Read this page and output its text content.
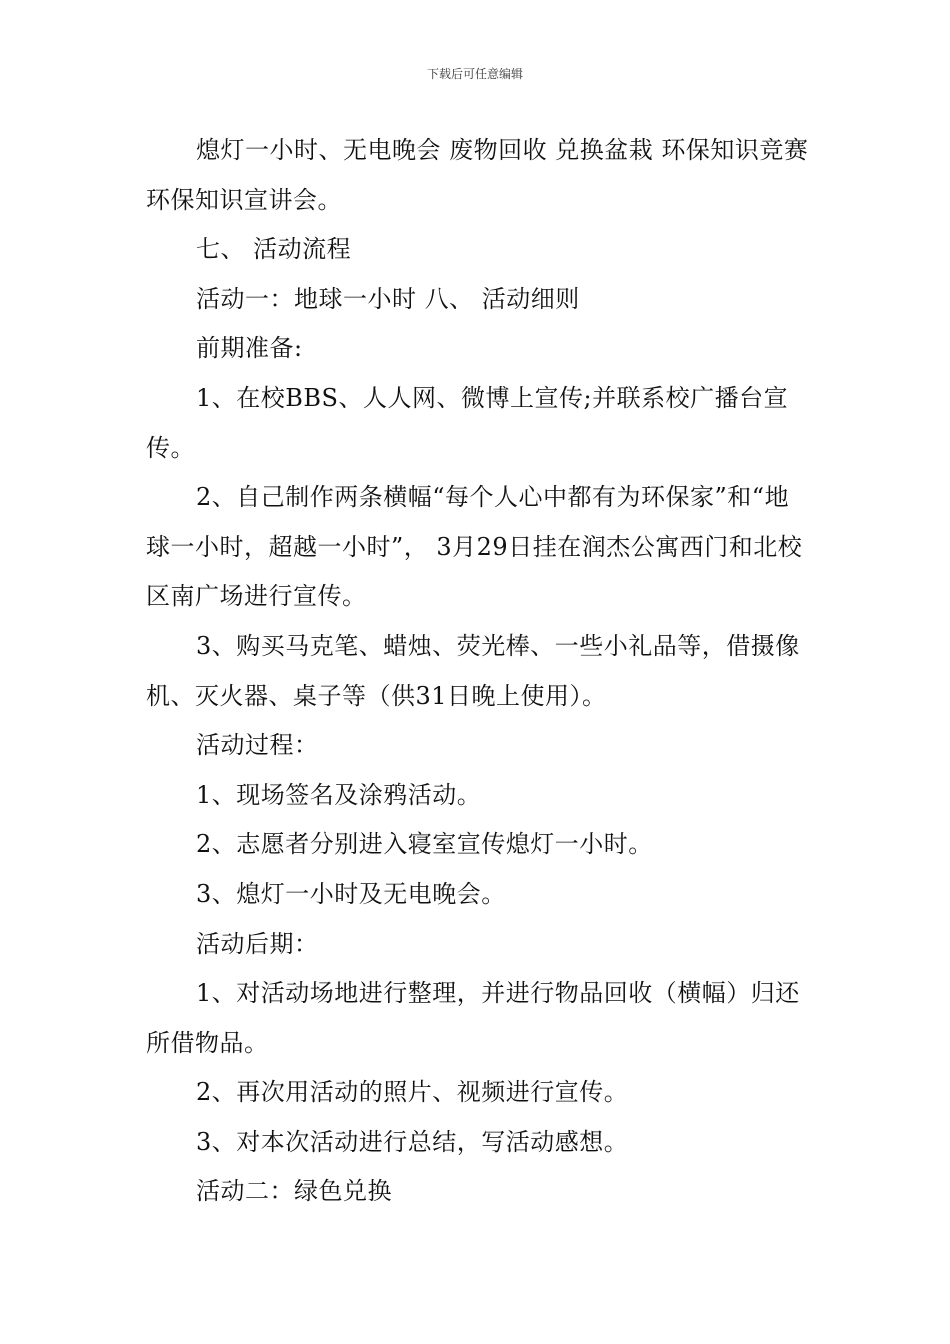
下载后可任意编辑

熄灯一小时、无电晚会 废物回收 兑换盆栽 环保知识竞赛 环保知识宣讲会。

七、 活动流程

活动一：地球一小时 八、 活动细则

前期准备:

1、在校BBS、人人网、微博上宣传;并联系校广播台宣传。

2、自己制作两条横幅“每个人心中都有为环保家”和“地球一小时，超越一小时”， 3月29日挂在润杰公寓西门和北校区南广场进行宣传。

3、购买马克笔、蜡烛、荧光棒、一些小礼品等，借摄像机、灭火器、桌子等（供31日晚上使用）。

活动过程：

1、现场签名及涂鸦活动。

2、志愿者分别进入寝室宣传熄灯一小时。

3、熄灯一小时及无电晚会。

活动后期：

1、对活动场地进行整理，并进行物品回收（横幅）归还所借物品。

2、再次用活动的照片、视频进行宣传。

3、对本次活动进行总结，写活动感想。

活动二：绿色兑换
